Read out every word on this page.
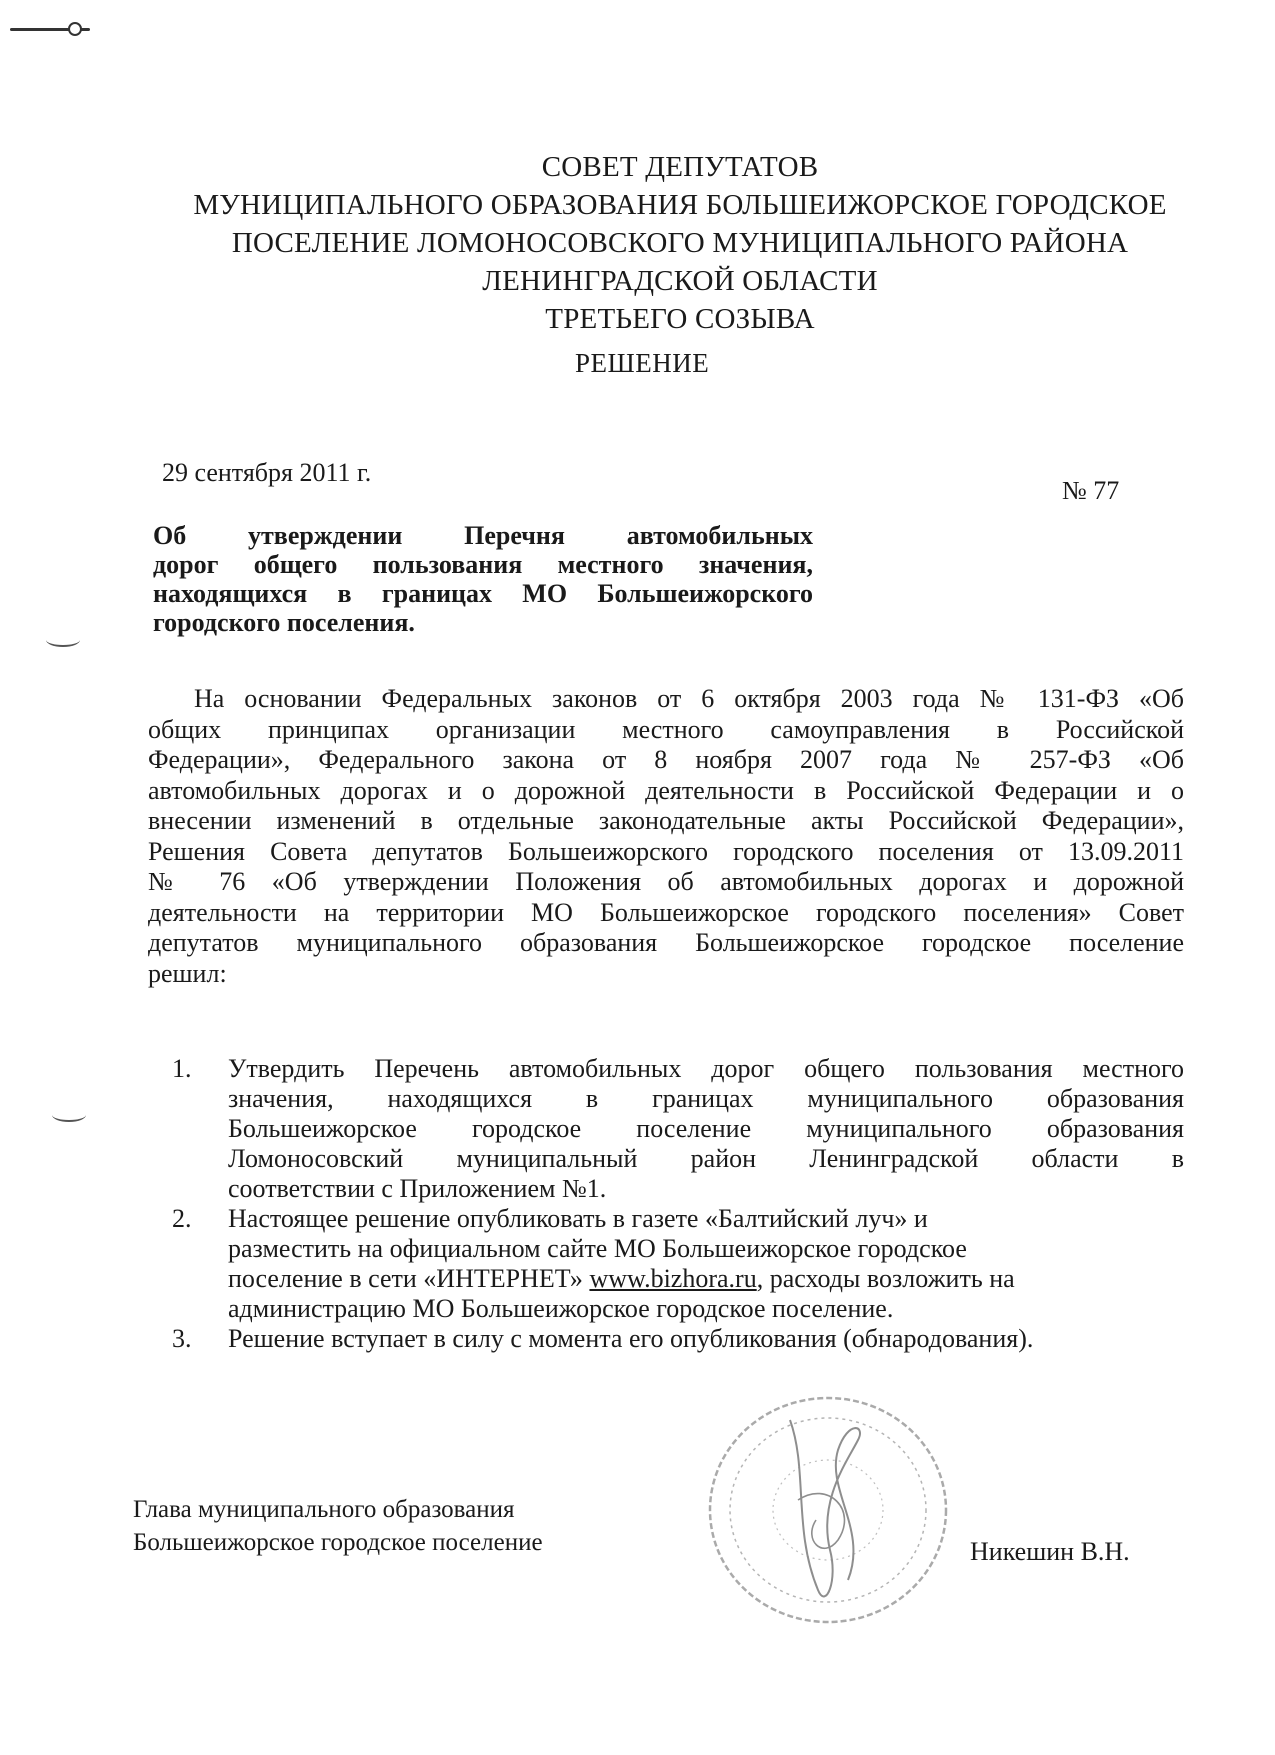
СОВЕТ ДЕПУТАТОВ
МУНИЦИПАЛЬНОГО ОБРАЗОВАНИЯ БОЛЬШЕИЖОРСКОЕ ГОРОДСКОЕ
ПОСЕЛЕНИЕ ЛОМОНОСОВСКОГО МУНИЦИПАЛЬНОГО РАЙОНА
ЛЕНИНГРАДСКОЙ ОБЛАСТИ
ТРЕТЬЕГО СОЗЫВА
РЕШЕНИЕ
29 сентября 2011 г.
№ 77
Об утверждении Перечня автомобильных
дорог общего пользования местного значения,
находящихся в границах МО Большеижорского
городского поселения.
На основании Федеральных законов от 6 октября 2003 года № 131-ФЗ «Об
общих принципах организации местного самоуправления в Российской
Федерации», Федерального закона от 8 ноября 2007 года № 257-ФЗ «Об
автомобильных дорогах и о дорожной деятельности в Российской Федерации и о
внесении изменений в отдельные законодательные акты Российской Федерации»,
Решения Совета депутатов Большеижорского городского поселения от 13.09.2011
№ 76 «Об утверждении Положения об автомобильных дорогах и дорожной
деятельности на территории МО Большеижорское городского поселения» Совет
депутатов муниципального образования Большеижорское городское поселение
решил:
1. Утвердить Перечень автомобильных дорог общего пользования местного
значения, находящихся в границах муниципального образования
Большеижорское городское поселение муниципального образования
Ломоносовский муниципальный район Ленинградской области в
соответствии с Приложением №1.
2. Настоящее решение опубликовать в газете «Балтийский луч» и
разместить на официальном сайте МО Большеижорское городское
поселение в сети «ИНТЕРНЕТ» www.bizhora.ru, расходы возложить на
администрацию МО Большеижорское городское поселение.
3. Решение вступает в силу с момента его опубликования (обнародования).
Глава муниципального образования
Большеижорское городское поселение	Никешин В.Н.
